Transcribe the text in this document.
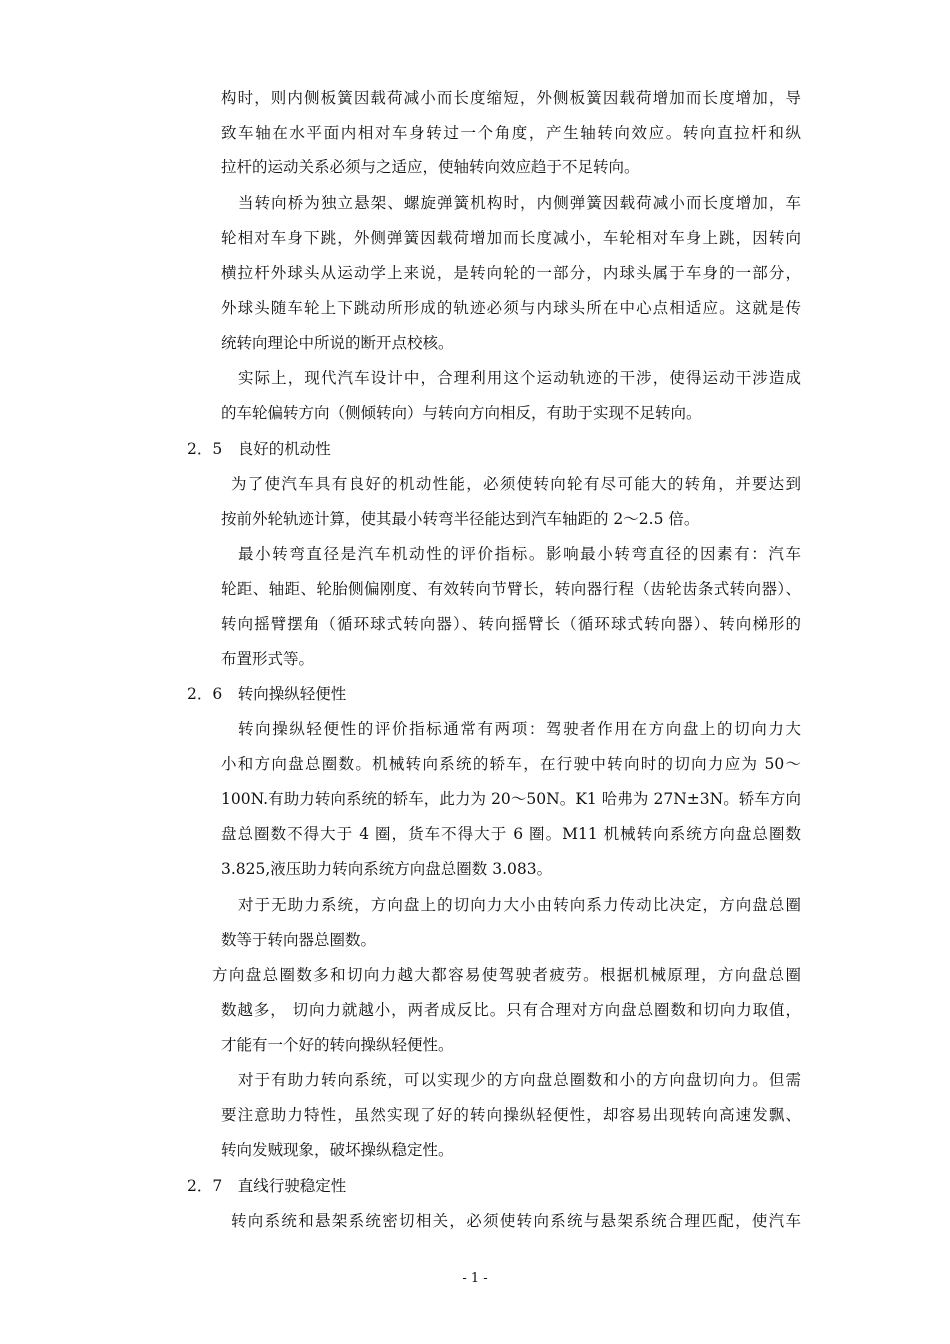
构时，则内侧板簧因载荷减小而长度缩短，外侧板簧因载荷增加而长度增加，导
致车轴在水平面内相对车身转过一个角度，产生轴转向效应。转向直拉杆和纵
拉杆的运动关系必须与之适应，使轴转向效应趋于不足转向。
当转向桥为独立悬架、螺旋弹簧机构时，内侧弹簧因载荷减小而长度增加，车
轮相对车身下跳，外侧弹簧因载荷增加而长度减小，车轮相对车身上跳，因转向
横拉杆外球头从运动学上来说，是转向轮的一部分，内球头属于车身的一部分，
外球头随车轮上下跳动所形成的轨迹必须与内球头所在中心点相适应。这就是传
统转向理论中所说的断开点校核。
实际上，现代汽车设计中，合理利用这个运动轨迹的干涉，使得运动干涉造成
的车轮偏转方向（侧倾转向）与转向方向相反，有助于实现不足转向。
2．5　良好的机动性
为了使汽车具有良好的机动性能，必须使转向轮有尽可能大的转角，并要达到
按前外轮轨迹计算，使其最小转弯半径能达到汽车轴距的 2～2.5 倍。
最小转弯直径是汽车机动性的评价指标。影响最小转弯直径的因素有：汽车
轮距、轴距、轮胎侧偏刚度、有效转向节臂长，转向器行程（齿轮齿条式转向器）、
转向摇臂摆角（循环球式转向器）、转向摇臂长（循环球式转向器）、转向梯形的
布置形式等。
2．6　转向操纵轻便性
转向操纵轻便性的评价指标通常有两项：驾驶者作用在方向盘上的切向力大
小和方向盘总圈数。机械转向系统的轿车，在行驶中转向时的切向力应为 50～
100N.有助力转向系统的轿车，此力为 20～50N。K1 哈弗为 27N±3N。轿车方向
盘总圈数不得大于 4 圈，货车不得大于 6 圈。M11 机械转向系统方向盘总圈数
3.825,液压助力转向系统方向盘总圈数 3.083。
对于无助力系统，方向盘上的切向力大小由转向系力传动比决定，方向盘总圈
数等于转向器总圈数。
方向盘总圈数多和切向力越大都容易使驾驶者疲劳。根据机械原理，方向盘总圈
数越多， 切向力就越小，两者成反比。只有合理对方向盘总圈数和切向力取值，
才能有一个好的转向操纵轻便性。
对于有助力转向系统，可以实现少的方向盘总圈数和小的方向盘切向力。但需
要注意助力特性，虽然实现了好的转向操纵轻便性，却容易出现转向高速发飘、
转向发贼现象，破坏操纵稳定性。
2．7　直线行驶稳定性
转向系统和悬架系统密切相关，必须使转向系统与悬架系统合理匹配，使汽车
- 1 -
